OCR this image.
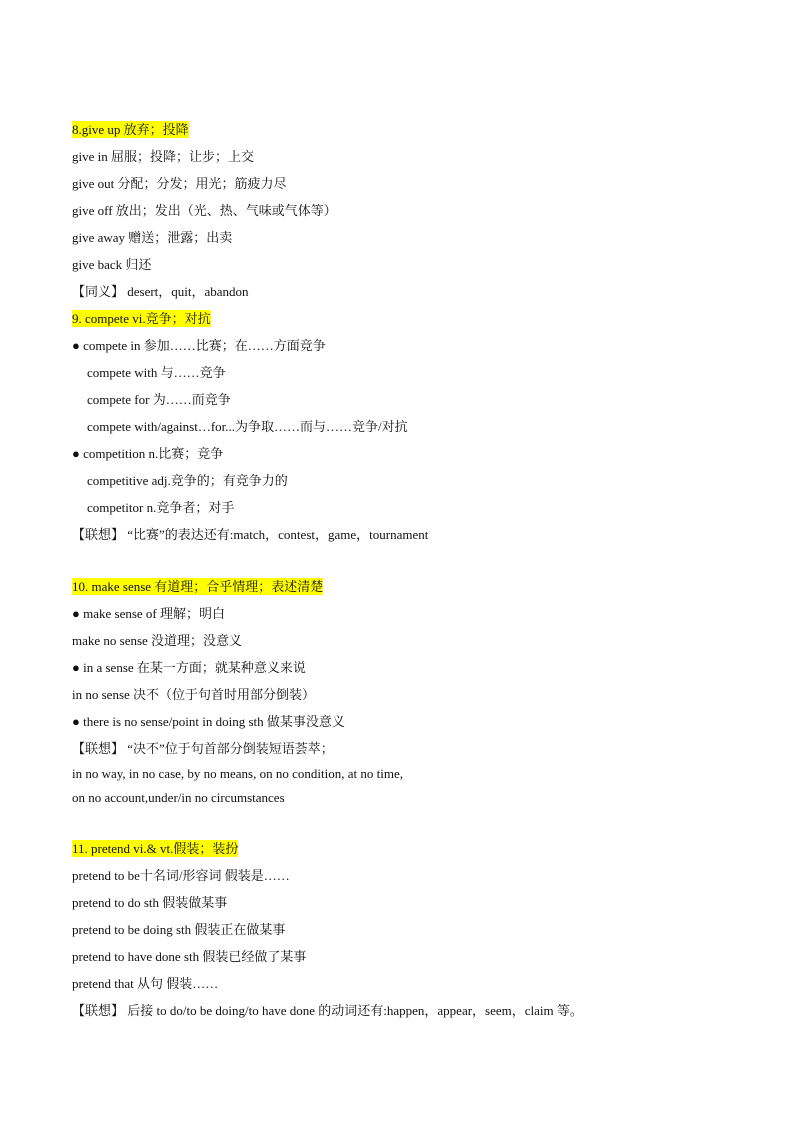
8.give up 放弃；投降
give in 屈服；投降；让步；上交
give out 分配；分发；用光；筋疲力尽
give off 放出；发出（光、热、气味或气体等）
give away 赠送；泄露；出卖
give back 归还
【同义】 desert，quit，abandon
9. compete vi.竞争；对抗
● compete in 参加……比赛；在……方面竞争
compete with 与……竞争
compete for 为……而竞争
compete with/against…for...为争取……而与……竞争/对抗
● competition n.比赛；竞争
competitive adj.竞争的；有竞争力的
competitor n.竞争者；对手
【联想】 “比赛”的表达还有:match，contest，game，tournament
10. make sense 有道理；合乎情理；表述清楚
● make sense of 理解；明白
make no sense 没道理；没意义
● in a sense 在某一方面；就某种意义来说
in no sense 决不（位于句首时用部分倒装）
● there is no sense/point in doing sth 做某事没意义
【联想】 “决不”位于句首部分倒装短语荟萃；
in no way, in no case, by no means, on no condition, at no time,
on no account,under/in no circumstances
11. pretend vi.& vt.假装；装扮
pretend to be十名词/形容词 假装是……
pretend to do sth 假装做某事
pretend to be doing sth 假装正在做某事
pretend to have done sth 假装已经做了某事
pretend that 从句 假装……
【联想】 后接 to do/to be doing/to have done 的动词还有:happen，appear，seem，claim 等。
